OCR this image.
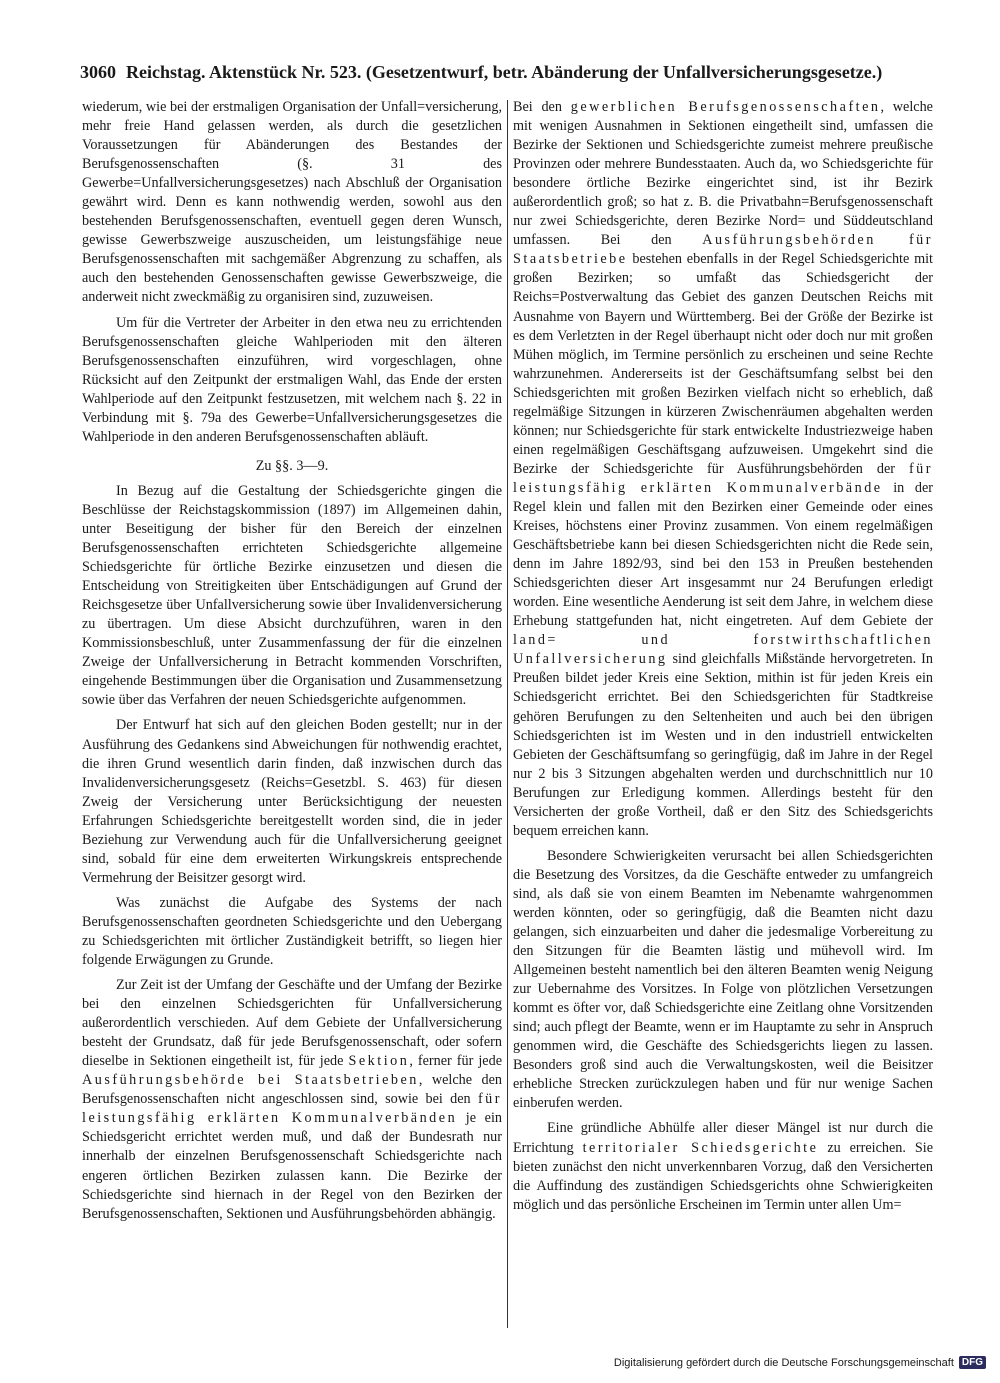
3060 Reichstag. Aktenstück Nr. 523. (Gesetzentwurf, betr. Abänderung der Unfallversicherungsgesetze.)

wiederum, wie bei der erstmaligen Organisation der Unfall=versicherung, mehr freie Hand gelassen werden, als durch die gesetzlichen Voraussetzungen für Abänderungen des Bestandes der Berufsgenossenschaften (§. 31 des Gewerbe=Unfallversicherungsgesetzes) nach Abschluß der Organisation gewährt wird. Denn es kann nothwendig werden, sowohl aus den bestehenden Berufsgenossenschaften, eventuell gegen deren Wunsch, gewisse Gewerbszweige auszuscheiden, um leistungsfähige neue Berufsgenossenschaften mit sachgemäßer Abgrenzung zu schaffen, als auch den bestehenden Genossenschaften gewisse Gewerbszweige, die anderweit nicht zweckmäßig zu organisiren sind, zuzuweisen.

Um für die Vertreter der Arbeiter in den etwa neu zu errichtenden Berufsgenossenschaften gleiche Wahlperioden mit den älteren Berufsgenossenschaften einzuführen, wird vorgeschlagen, ohne Rücksicht auf den Zeitpunkt der erstmaligen Wahl, das Ende der ersten Wahlperiode auf den Zeitpunkt festzusetzen, mit welchem nach §. 22 in Verbindung mit §. 79a des Gewerbe=Unfallversicherungsgesetzes die Wahlperiode in den anderen Berufsgenossenschaften abläuft.

Zu §§. 3—9.

In Bezug auf die Gestaltung der Schiedsgerichte gingen die Beschlüsse der Reichstagskommission (1897) im Allgemeinen dahin, unter Beseitigung der bisher für den Bereich der einzelnen Berufsgenossenschaften errichteten Schiedsgerichte allgemeine Schiedsgerichte für örtliche Bezirke einzusetzen und diesen die Entscheidung von Streitigkeiten über Entschädigungen auf Grund der Reichsgesetze über Unfallversicherung sowie über Invalidenversicherung zu übertragen. Um diese Absicht durchzuführen, waren in den Kommissionsbeschluß, unter Zusammenfassung der für die einzelnen Zweige der Unfallversicherung in Betracht kommenden Vorschriften, eingehende Bestimmungen über die Organisation und Zusammensetzung sowie über das Verfahren der neuen Schiedsgerichte aufgenommen.

Der Entwurf hat sich auf den gleichen Boden gestellt; nur in der Ausführung des Gedankens sind Abweichungen für nothwendig erachtet, die ihren Grund wesentlich darin finden, daß inzwischen durch das Invalidenversicherungsgesetz (Reichs=Gesetzbl. S. 463) für diesen Zweig der Versicherung unter Berücksichtigung der neuesten Erfahrungen Schiedsgerichte bereitgestellt worden sind, die in jeder Beziehung zur Verwendung auch für die Unfallversicherung geeignet sind, sobald für eine dem erweiterten Wirkungskreis entsprechende Vermehrung der Beisitzer gesorgt wird.

Was zunächst die Aufgabe des Systems der nach Berufsgenossenschaften geordneten Schiedsgerichte und den Uebergang zu Schiedsgerichten mit örtlicher Zuständigkeit betrifft, so liegen hier folgende Erwägungen zu Grunde.

Zur Zeit ist der Umfang der Geschäfte und der Umfang der Bezirke bei den einzelnen Schiedsgerichten für Unfallversicherung außerordentlich verschieden. Auf dem Gebiete der Unfallversicherung besteht der Grundsatz, daß für jede Berufsgenossenschaft, oder sofern dieselbe in Sektionen eingetheilt ist, für jede Sektion, ferner für jede Ausführungsbehörde bei Staatsbetrieben, welche den Berufsgenossenschaften nicht angeschlossen sind, sowie bei den für leistungsfähig erklärten Kommunalverbänden je ein Schiedsgericht errichtet werden muß, und daß der Bundesrath nur innerhalb der einzelnen Berufsgenossenschaft Schiedsgerichte nach engeren örtlichen Bezirken zulassen kann. Die Bezirke der Schiedsgerichte sind hiernach in der Regel von den Bezirken der Berufsgenossenschaften, Sektionen und Ausführungsbehörden abhängig.

Bei den gewerblichen Berufsgenossenschaften, welche mit wenigen Ausnahmen in Sektionen eingetheilt sind, umfassen die Bezirke der Sektionen und Schiedsgerichte zumeist mehrere preußische Provinzen oder mehrere Bundesstaaten. Auch da, wo Schiedsgerichte für besondere örtliche Bezirke eingerichtet sind, ist ihr Bezirk außerordentlich groß; so hat z. B. die Privatbahn=Berufsgenossenschaft nur zwei Schiedsgerichte, deren Bezirke Nord= und Süddeutschland umfassen. Bei den Ausführungsbehörden für Staatsbetriebe bestehen ebenfalls in der Regel Schiedsgerichte mit großen Bezirken; so umfaßt das Schiedsgericht der Reichs=Postverwaltung das Gebiet des ganzen Deutschen Reichs mit Ausnahme von Bayern und Württemberg. Bei der Größe der Bezirke ist es dem Verletzten in der Regel überhaupt nicht oder doch nur mit großen Mühen möglich, im Termine persönlich zu erscheinen und seine Rechte wahrzunehmen. Andererseits ist der Geschäftsumfang selbst bei den Schiedsgerichten mit großen Bezirken vielfach nicht so erheblich, daß regelmäßige Sitzungen in kürzeren Zwischenräumen abgehalten werden können; nur Schiedsgerichte für stark entwickelte Industriezweige haben einen regelmäßigen Geschäftsgang aufzuweisen. Umgekehrt sind die Bezirke der Schiedsgerichte für Ausführungsbehörden der für leistungsfähig erklärten Kommunalverbände in der Regel klein und fallen mit den Bezirken einer Gemeinde oder eines Kreises, höchstens einer Provinz zusammen. Von einem regelmäßigen Geschäftsbetriebe kann bei diesen Schiedsgerichten nicht die Rede sein, denn im Jahre 1892/93, sind bei den 153 in Preußen bestehenden Schiedsgerichten dieser Art insgesammt nur 24 Berufungen erledigt worden. Eine wesentliche Aenderung ist seit dem Jahre, in welchem diese Erhebung stattgefunden hat, nicht eingetreten. Auf dem Gebiete der land= und forstwirthschaftlichen Unfallversicherung sind gleichfalls Mißstände hervorgetreten. In Preußen bildet jeder Kreis eine Sektion, mithin ist für jeden Kreis ein Schiedsgericht errichtet. Bei den Schiedsgerichten für Stadtkreise gehören Berufungen zu den Seltenheiten und auch bei den übrigen Schiedsgerichten ist im Westen und in den industriell entwickelten Gebieten der Geschäftsumfang so geringfügig, daß im Jahre in der Regel nur 2 bis 3 Sitzungen abgehalten werden und durchschnittlich nur 10 Berufungen zur Erledigung kommen. Allerdings besteht für den Versicherten der große Vortheil, daß er den Sitz des Schiedsgerichts bequem erreichen kann.

Besondere Schwierigkeiten verursacht bei allen Schiedsgerichten die Besetzung des Vorsitzes, da die Geschäfte entweder zu umfangreich sind, als daß sie von einem Beamten im Nebenamte wahrgenommen werden könnten, oder so geringfügig, daß die Beamten nicht dazu gelangen, sich einzuarbeiten und daher die jedesmalige Vorbereitung zu den Sitzungen für die Beamten lästig und mühevoll wird. Im Allgemeinen besteht namentlich bei den älteren Beamten wenig Neigung zur Uebernahme des Vorsitzes. In Folge von plötzlichen Versetzungen kommt es öfter vor, daß Schiedsgerichte eine Zeitlang ohne Vorsitzenden sind; auch pflegt der Beamte, wenn er im Hauptamte zu sehr in Anspruch genommen wird, die Geschäfte des Schiedsgerichts liegen zu lassen. Besonders groß sind auch die Verwaltungskosten, weil die Beisitzer erhebliche Strecken zurückzulegen haben und für nur wenige Sachen einberufen werden.

Eine gründliche Abhülfe aller dieser Mängel ist nur durch die Errichtung territorialer Schiedsgerichte zu erreichen. Sie bieten zunächst den nicht unverkennbaren Vorzug, daß den Versicherten die Auffindung des zuständigen Schiedsgerichts ohne Schwierigkeiten möglich und das persönliche Erscheinen im Termin unter allen Um=

Digitalisierung gefördert durch die Deutsche Forschungsgemeinschaft DFG
